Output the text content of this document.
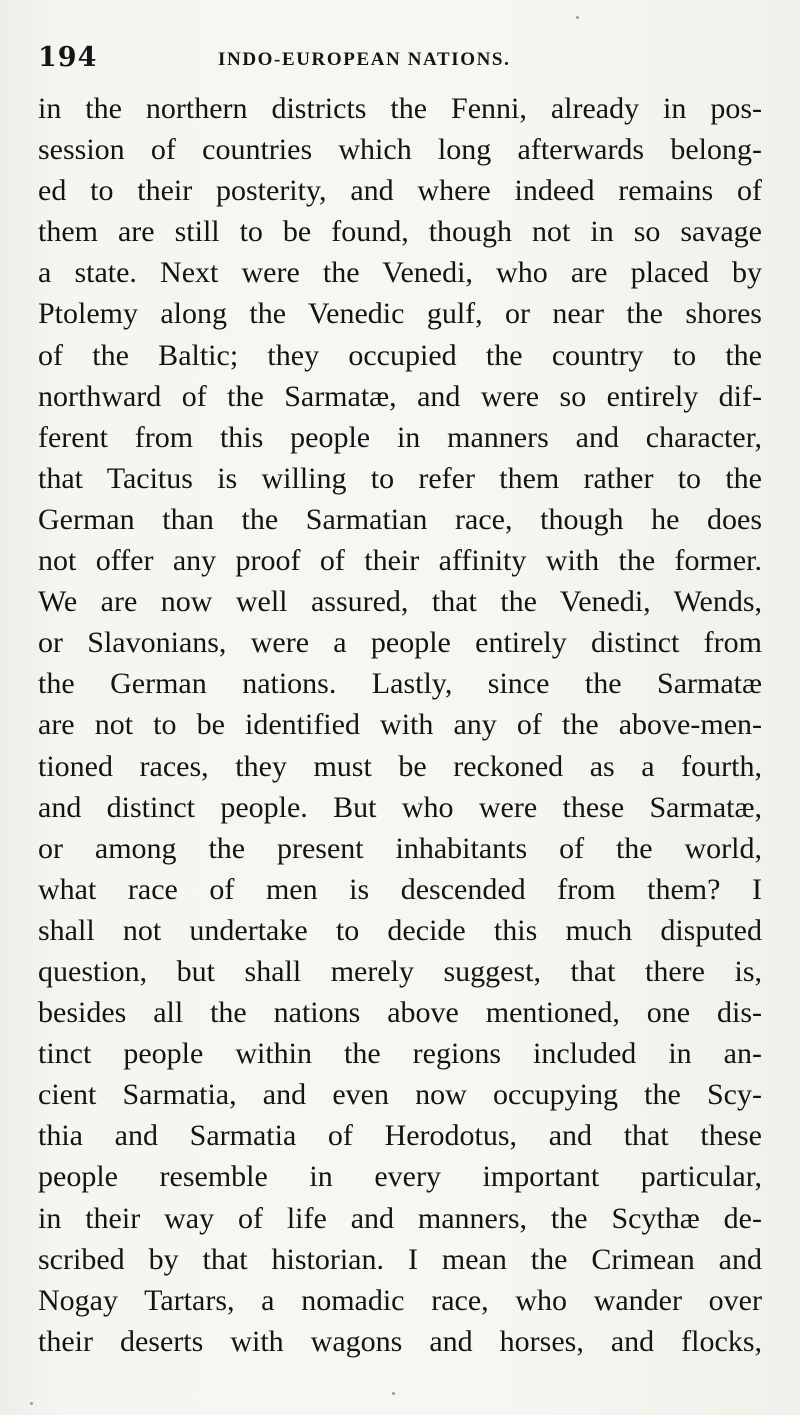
194	INDO-EUROPEAN NATIONS.
in the northern districts the Fenni, already in pos-
session of countries which long afterwards belong-
ed to their posterity, and where indeed remains of
them are still to be found, though not in so savage
a state. Next were the Venedi, who are placed by
Ptolemy along the Venedic gulf, or near the shores
of the Baltic; they occupied the country to the
northward of the Sarmatæ, and were so entirely dif-
ferent from this people in manners and character,
that Tacitus is willing to refer them rather to the
German than the Sarmatian race, though he does
not offer any proof of their affinity with the former.
We are now well assured, that the Venedi, Wends,
or Slavonians, were a people entirely distinct from
the German nations. Lastly, since the Sarmatæ
are not to be identified with any of the above-men-
tioned races, they must be reckoned as a fourth,
and distinct people. But who were these Sarmatæ,
or among the present inhabitants of the world,
what race of men is descended from them? I
shall not undertake to decide this much disputed
question, but shall merely suggest, that there is,
besides all the nations above mentioned, one dis-
tinct people within the regions included in an-
cient Sarmatia, and even now occupying the Scy-
thia and Sarmatia of Herodotus, and that these
people resemble in every important particular,
in their way of life and manners, the Scythæ de-
scribed by that historian. I mean the Crimean and
Nogay Tartars, a nomadic race, who wander over
their deserts with wagons and horses, and flocks,
